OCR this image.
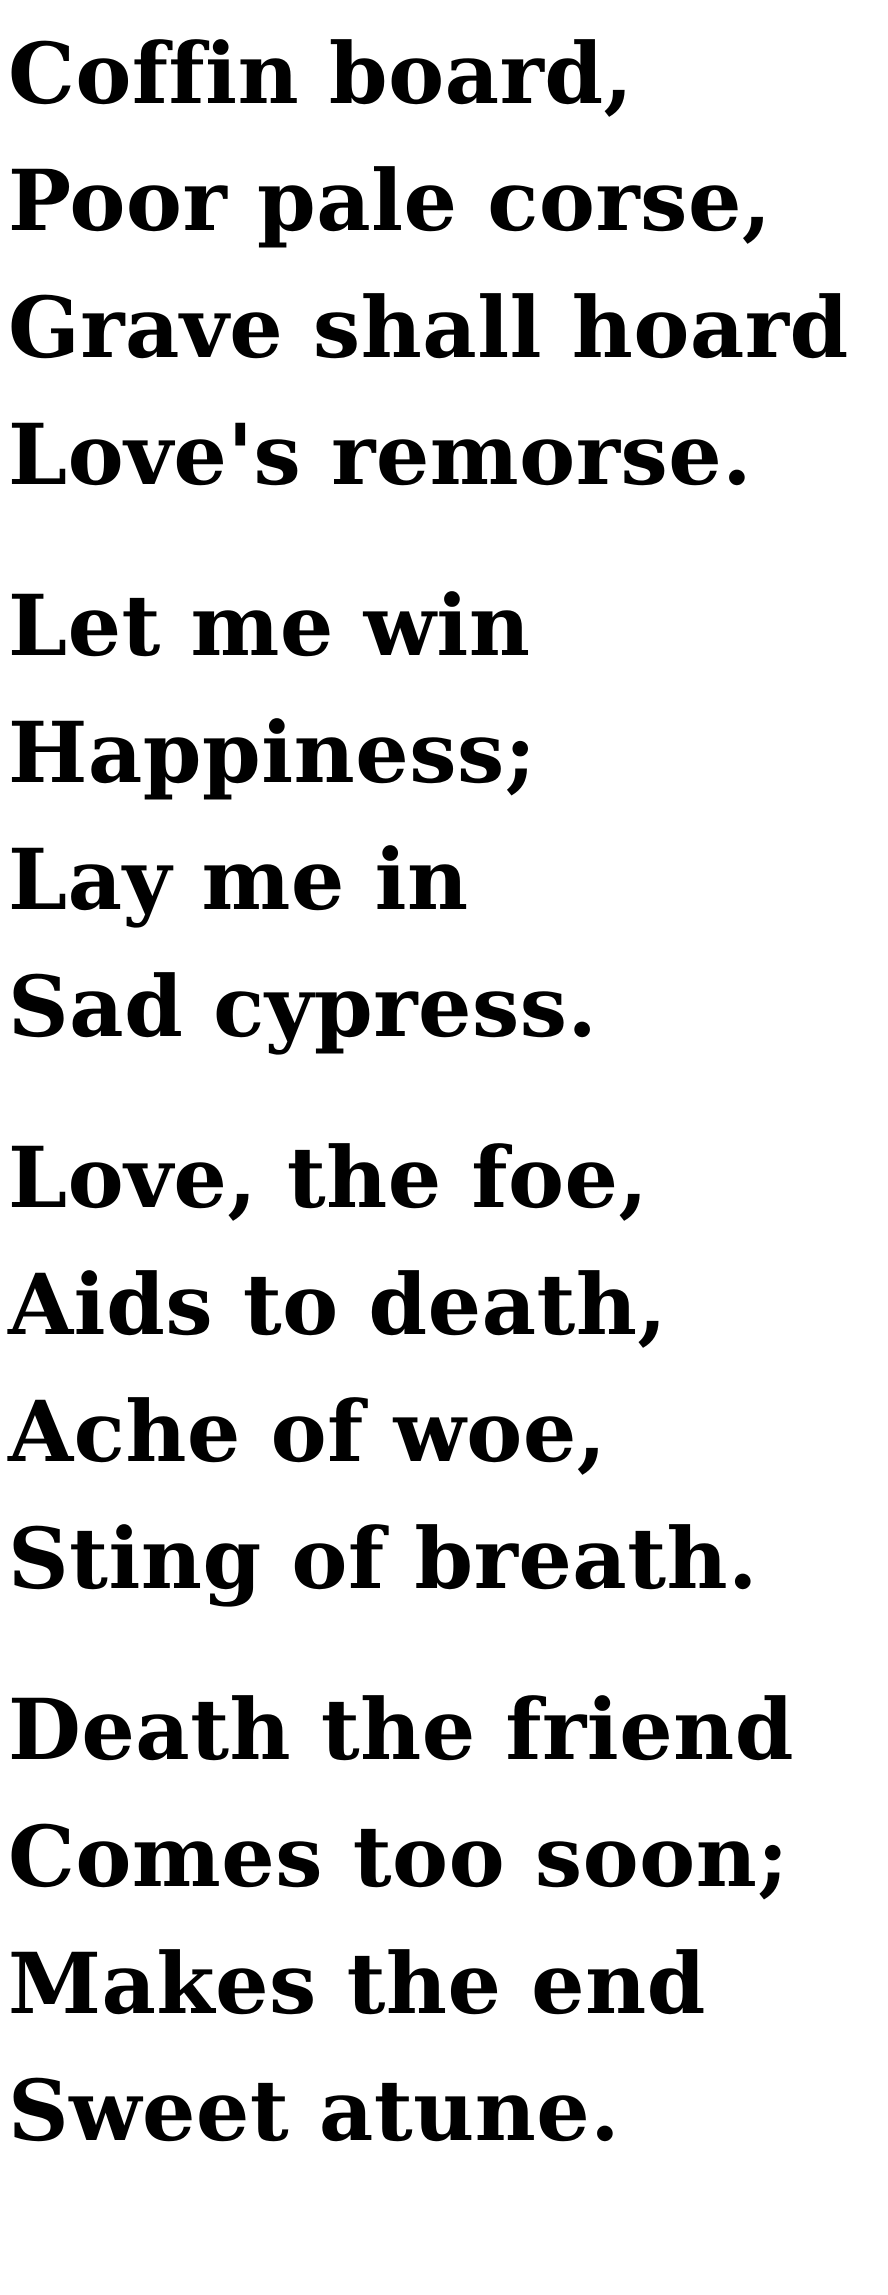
Coffin board,
Poor pale corse,
Grave shall hoard
Love's remorse.
Let me win
Happiness;
Lay me in
Sad cypress.
Love, the foe,
Aids to death,
Ache of woe,
Sting of breath.
Death the friend
Comes too soon;
Makes the end
Sweet atune.
